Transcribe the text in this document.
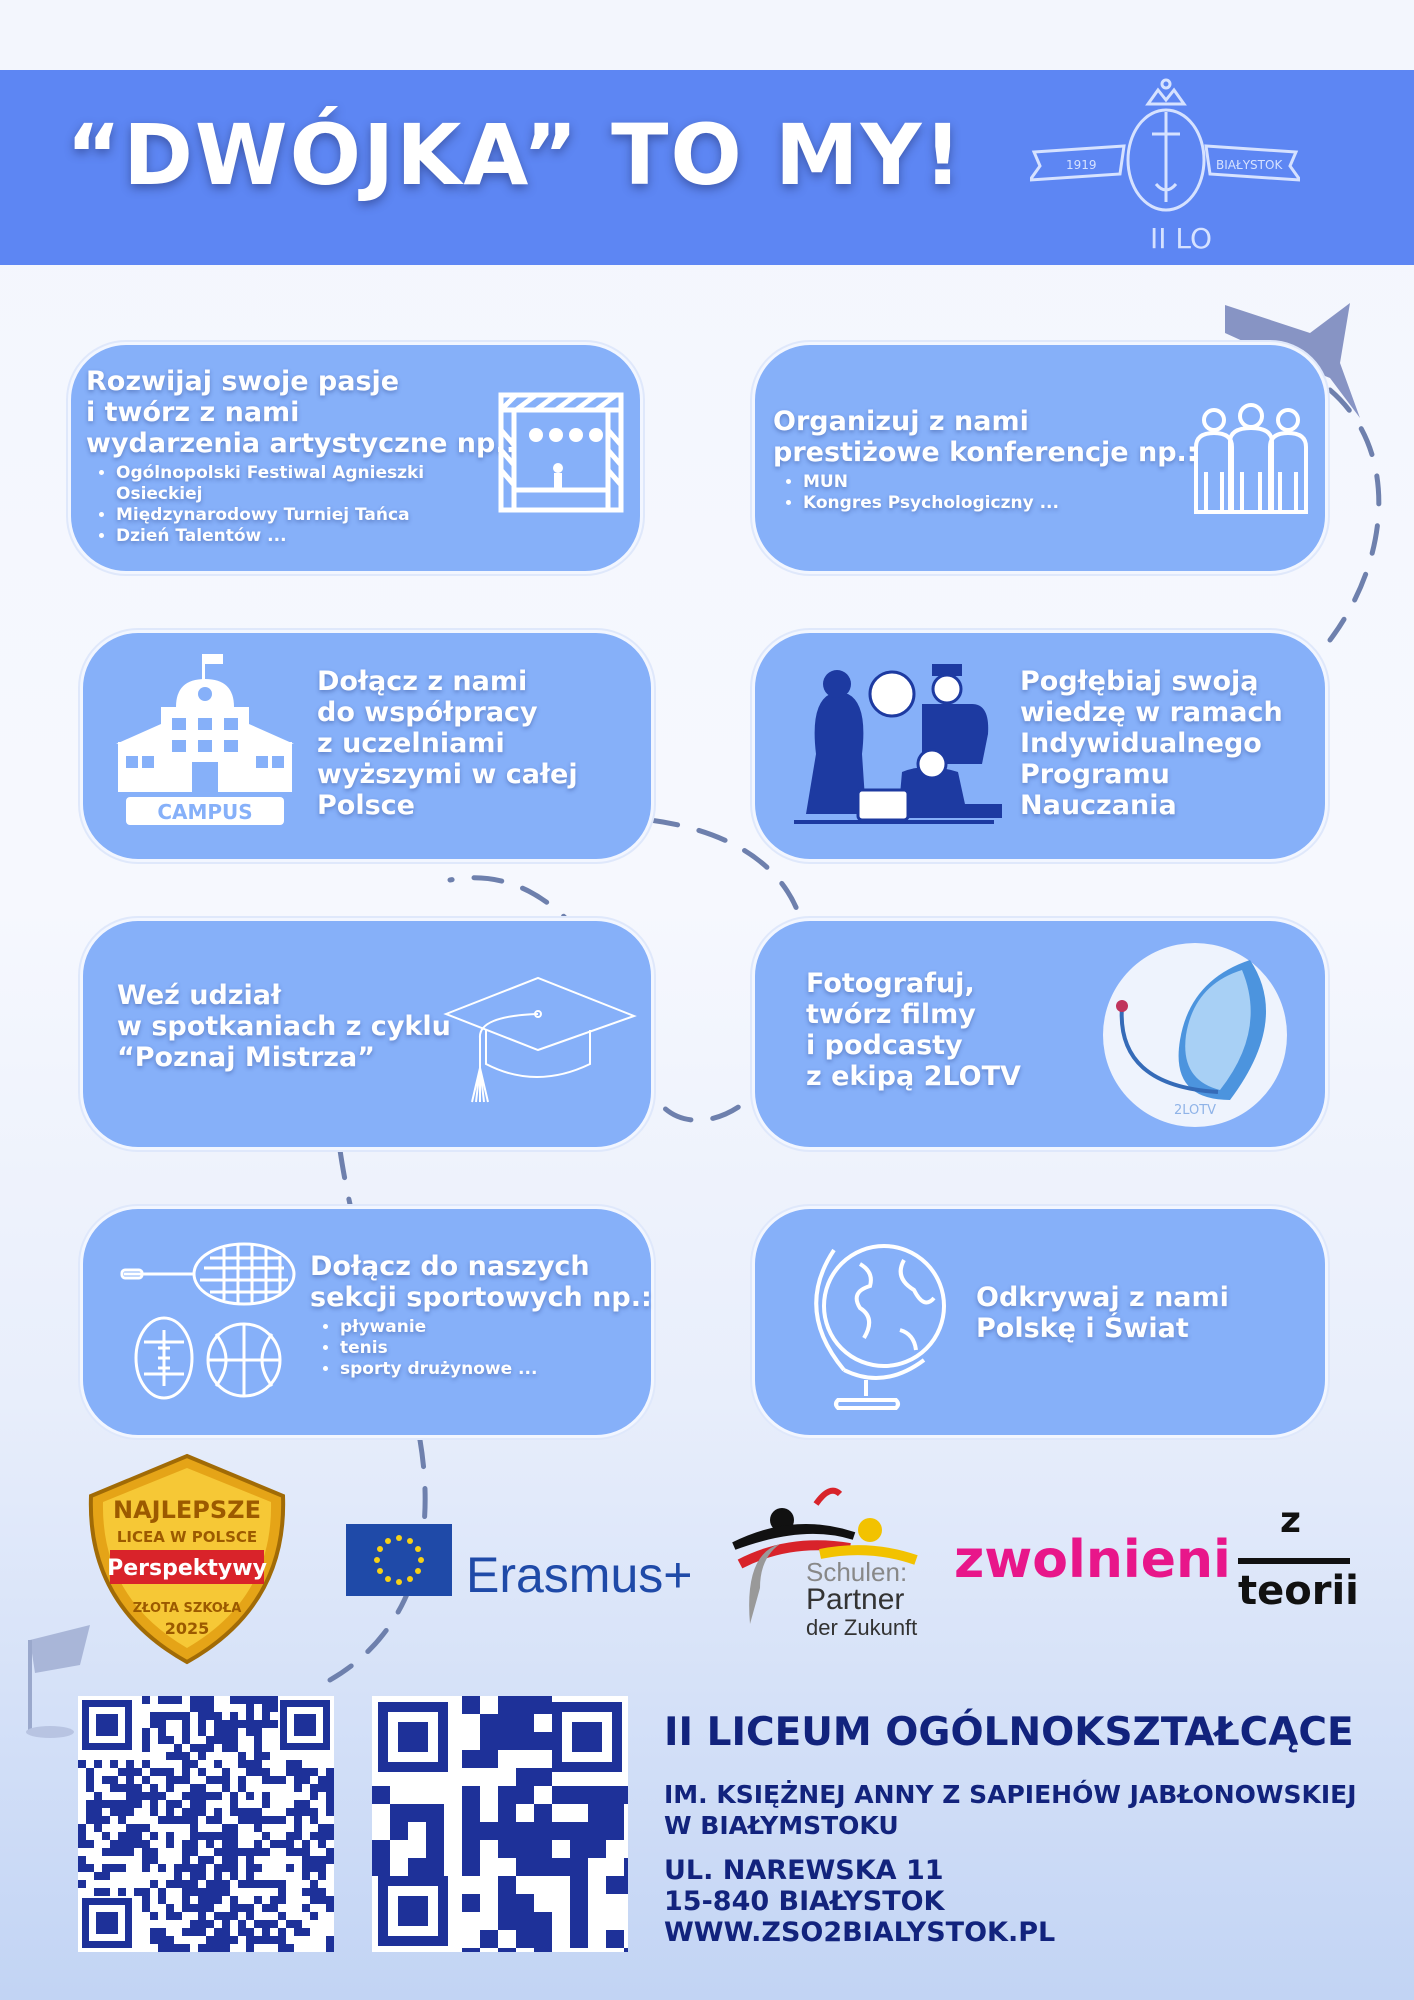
“DWÓJKA” TO MY!	1919	BIAŁYSTOK
II LO
Rozwijaj swoje pasje
i twórz z nami
wydarzenia artystyczne np.:
• Ogólnopolski Festiwal Agnieszki Osieckiej
• Międzynarodowy Turniej Tańca
• Dzień Talentów ...
Organizuj z nami
prestiżowe konferencje np.:
• MUN
• Kongres Psychologiczny ...
Dołącz z nami
do współpracy
z uczelniami
wyższymi w całej
Polsce
CAMPUS
Pogłębiaj swoją
wiedzę w ramach
Indywidualnego
Programu
Nauczania
Weź udział
w spotkaniach z cyklu
“Poznaj Mistrza”
Fotografuj,
twórz filmy
i podcasty
z ekipą 2LOTV
2LOTV
Dołącz do naszych
sekcji sportowych np.:
• pływanie
• tenis
• sporty drużynowe ...
Odkrywaj z nami
Polskę i Świat
NAJLEPSZE
LICEA W POLSCE
Perspektywy
ZŁOTA SZKOŁA
2025
Erasmus+	Schulen:
Partner
der Zukunft
zwolnieni
z
teorii
II LICEUM OGÓLNOKSZTAŁCĄCE
IM. KSIĘŻNEJ ANNY Z SAPIEHÓW JABŁONOWSKIEJ
W BIAŁYMSTOKU
UL. NAREWSKA 11
15-840 BIAŁYSTOK
WWW.ZSO2BIALYSTOK.PL
